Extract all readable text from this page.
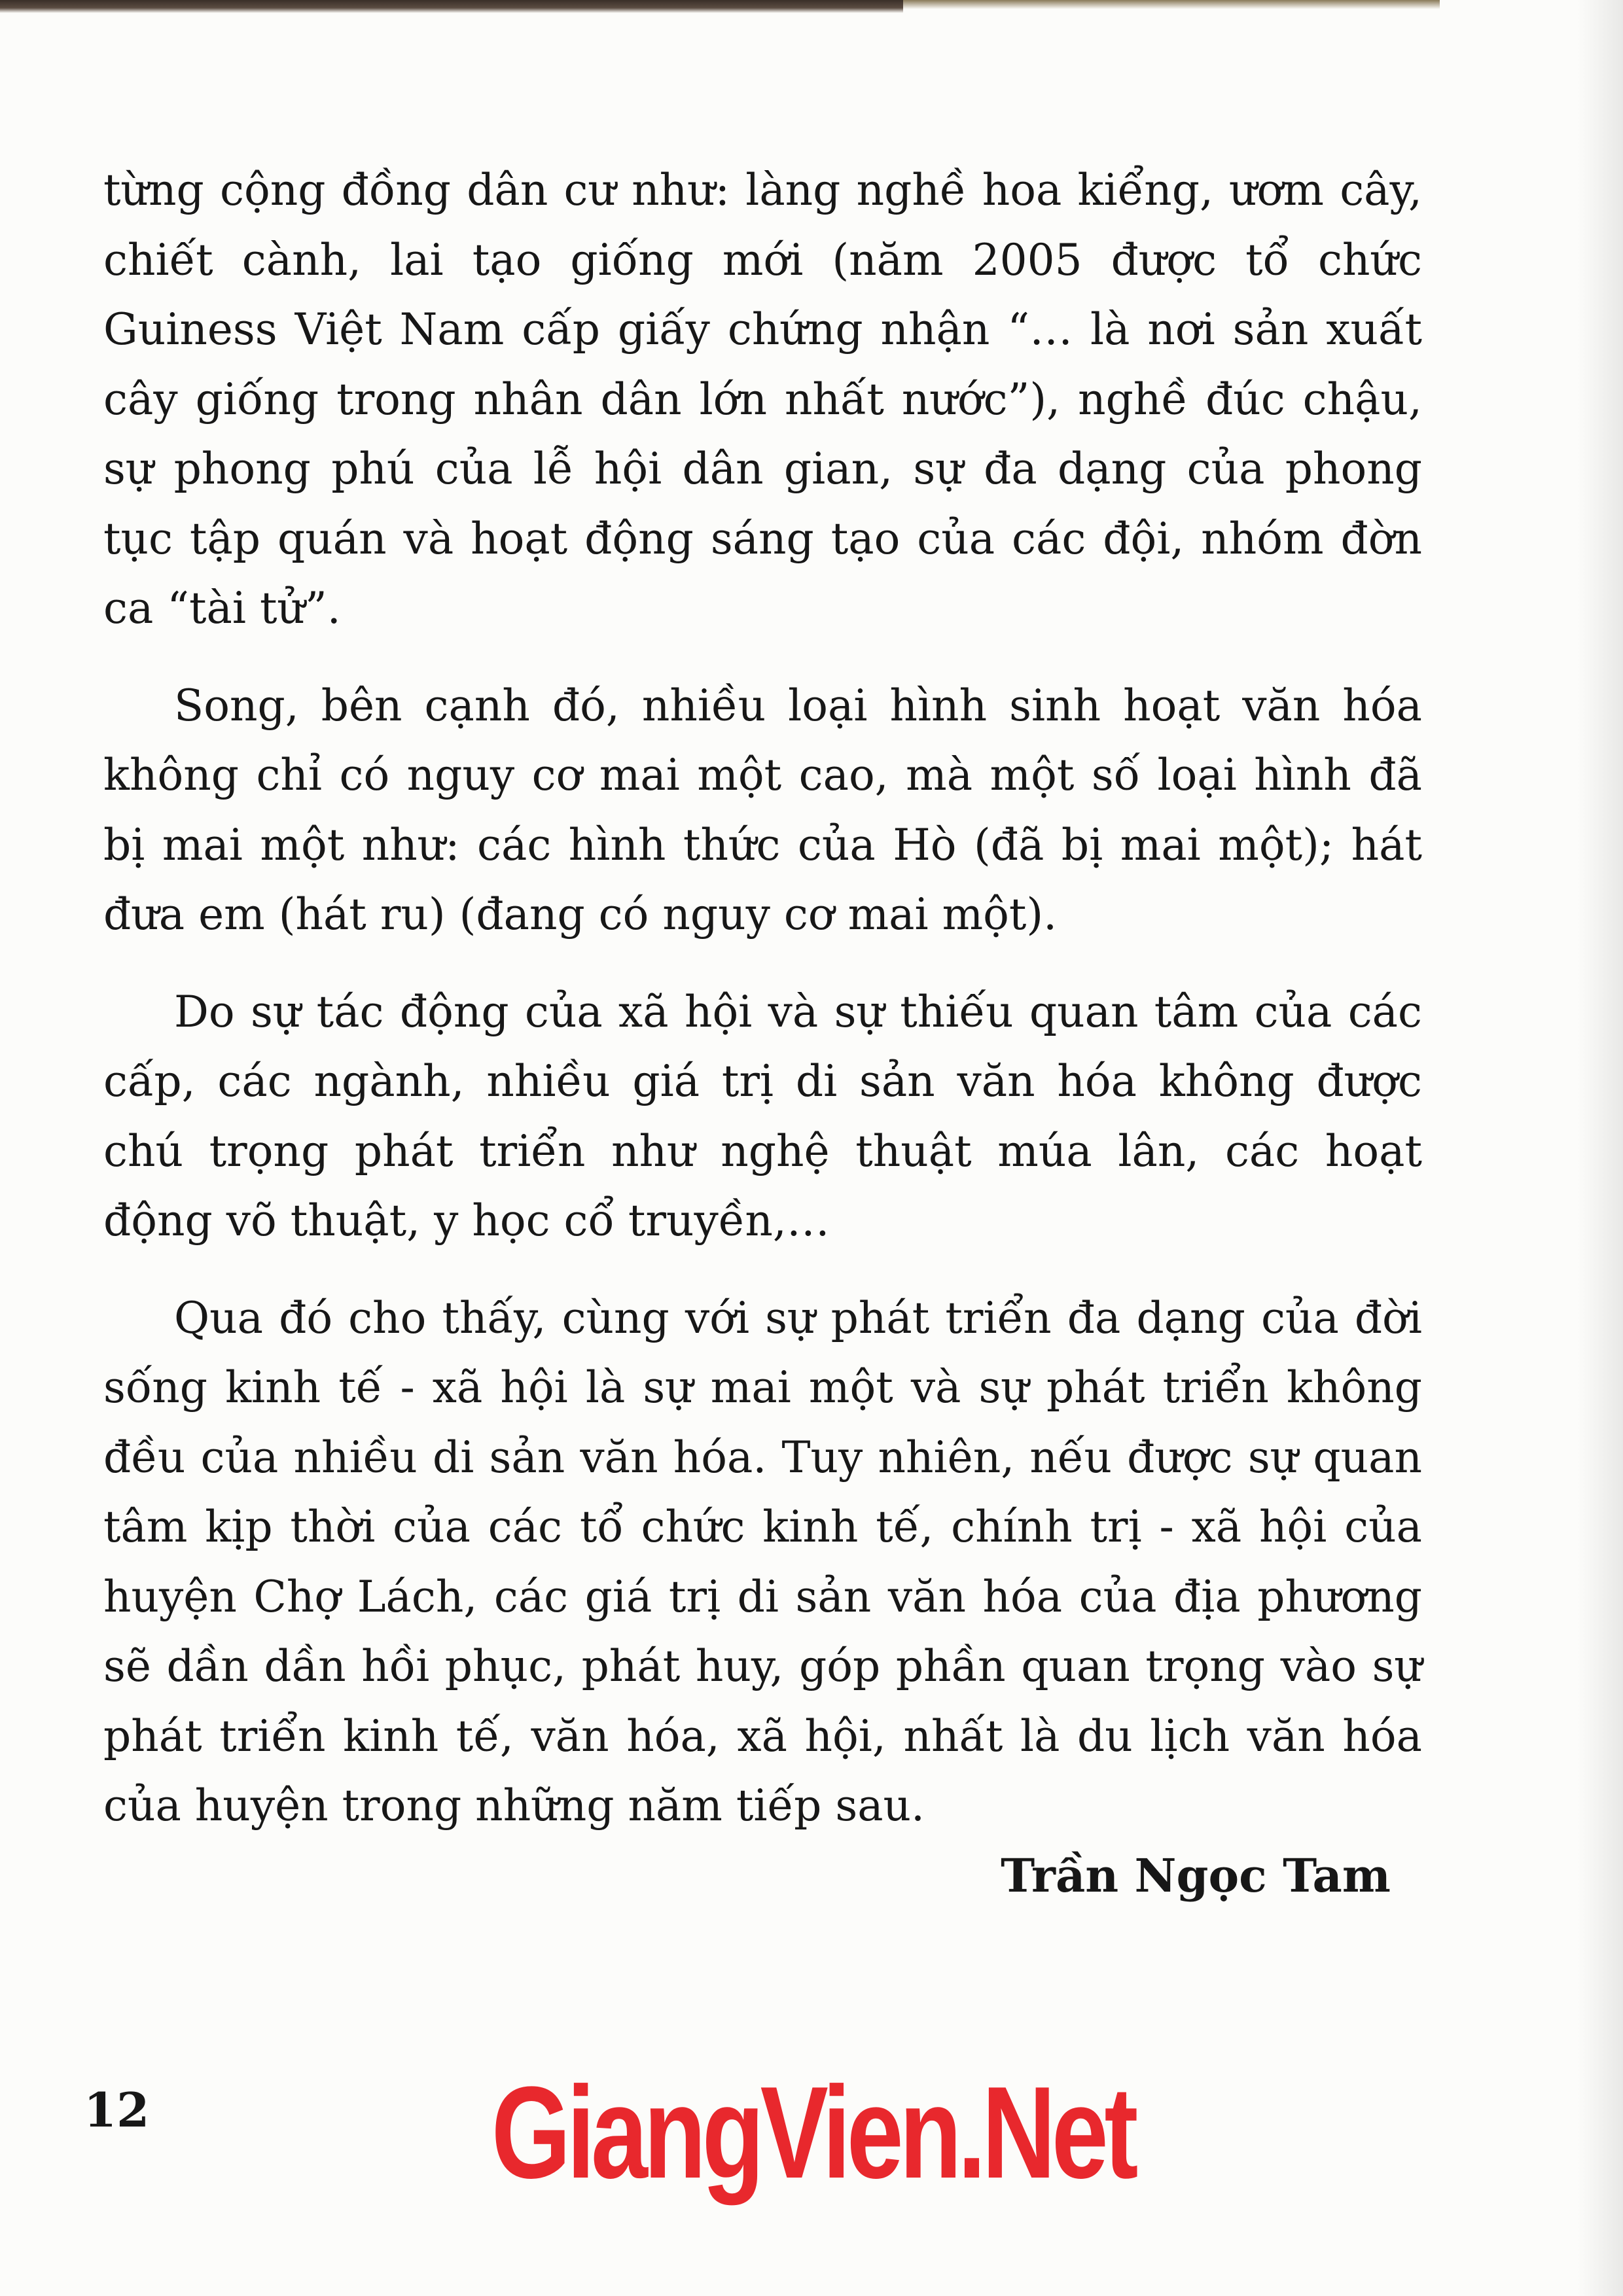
từng cộng đồng dân cư như: làng nghề hoa kiểng, ươm cây, chiết cành, lai tạo giống mới (năm 2005 được tổ chức Guiness Việt Nam cấp giấy chứng nhận “… là nơi sản xuất cây giống trong nhân dân lớn nhất nước”), nghề đúc chậu, sự phong phú của lễ hội dân gian, sự đa dạng của phong tục tập quán và hoạt động sáng tạo của các đội, nhóm đờn ca “tài tử”.

Song, bên cạnh đó, nhiều loại hình sinh hoạt văn hóa không chỉ có nguy cơ mai một cao, mà một số loại hình đã bị mai một như: các hình thức của Hò (đã bị mai một); hát đưa em (hát ru) (đang có nguy cơ mai một).

Do sự tác động của xã hội và sự thiếu quan tâm của các cấp, các ngành, nhiều giá trị di sản văn hóa không được chú trọng phát triển như nghệ thuật múa lân, các hoạt động võ thuật, y học cổ truyền,…

Qua đó cho thấy, cùng với sự phát triển đa dạng của đời sống kinh tế - xã hội là sự mai một và sự phát triển không đều của nhiều di sản văn hóa. Tuy nhiên, nếu được sự quan tâm kịp thời của các tổ chức kinh tế, chính trị - xã hội của huyện Chợ Lách, các giá trị di sản văn hóa của địa phương sẽ dần dần hồi phục, phát huy, góp phần quan trọng vào sự phát triển kinh tế, văn hóa, xã hội, nhất là du lịch văn hóa của huyện trong những năm tiếp sau.

Trần Ngọc Tam

12	GiangVien.Net
